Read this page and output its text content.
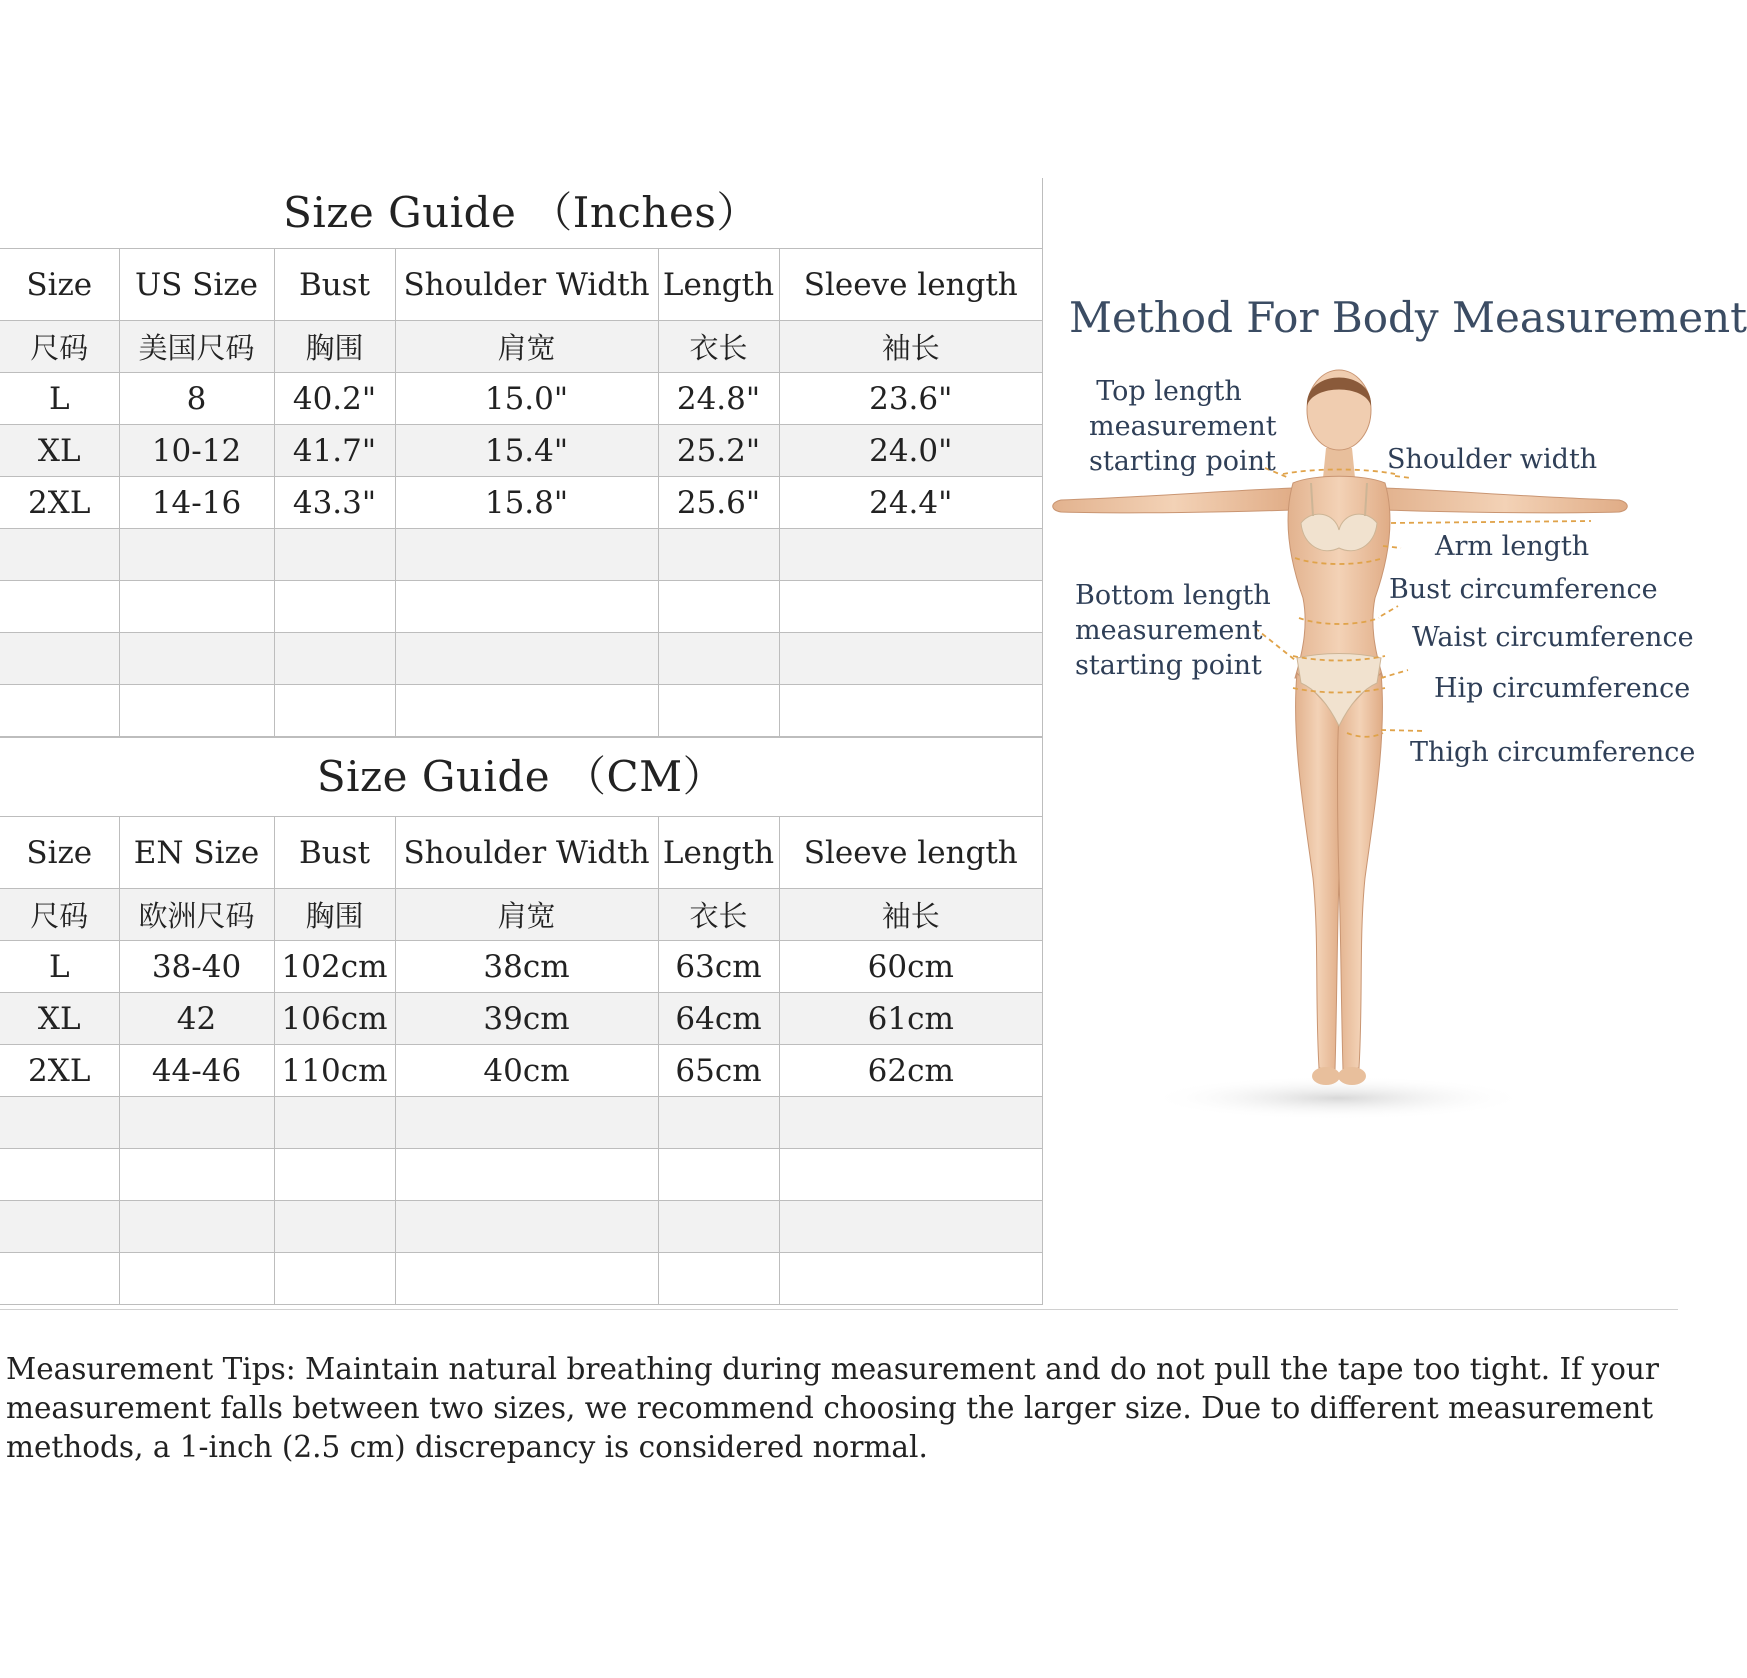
Size Guide （Inches）
Size	US Size	Bust	Shoulder Width	Length	Sleeve length
尺码	美国尺码	胸围	肩宽	衣长	袖长
L	8	40.2"	15.0"	24.8"	23.6"
XL	10-12	41.7"	15.4"	25.2"	24.0"
2XL	14-16	43.3"	15.8"	25.6"	24.4"

Size Guide （CM）
Size	EN Size	Bust	Shoulder Width	Length	Sleeve length
尺码	欧洲尺码	胸围	肩宽	衣长	袖长
L	38-40	102cm	38cm	63cm	60cm
XL	42	106cm	39cm	64cm	61cm
2XL	44-46	110cm	40cm	65cm	62cm

Method For Body Measurement
Top length
measurement
starting point	Shoulder width
Arm length
Bust circumference
Bottom length
measurement
starting point
Waist circumference
Hip circumference
Thigh circumference
Measurement Tips: Maintain natural breathing during measurement and do not pull the tape too tight. If your measurement falls between two sizes, we recommend choosing the larger size. Due to different measurement methods, a 1-inch (2.5 cm) discrepancy is considered normal.
